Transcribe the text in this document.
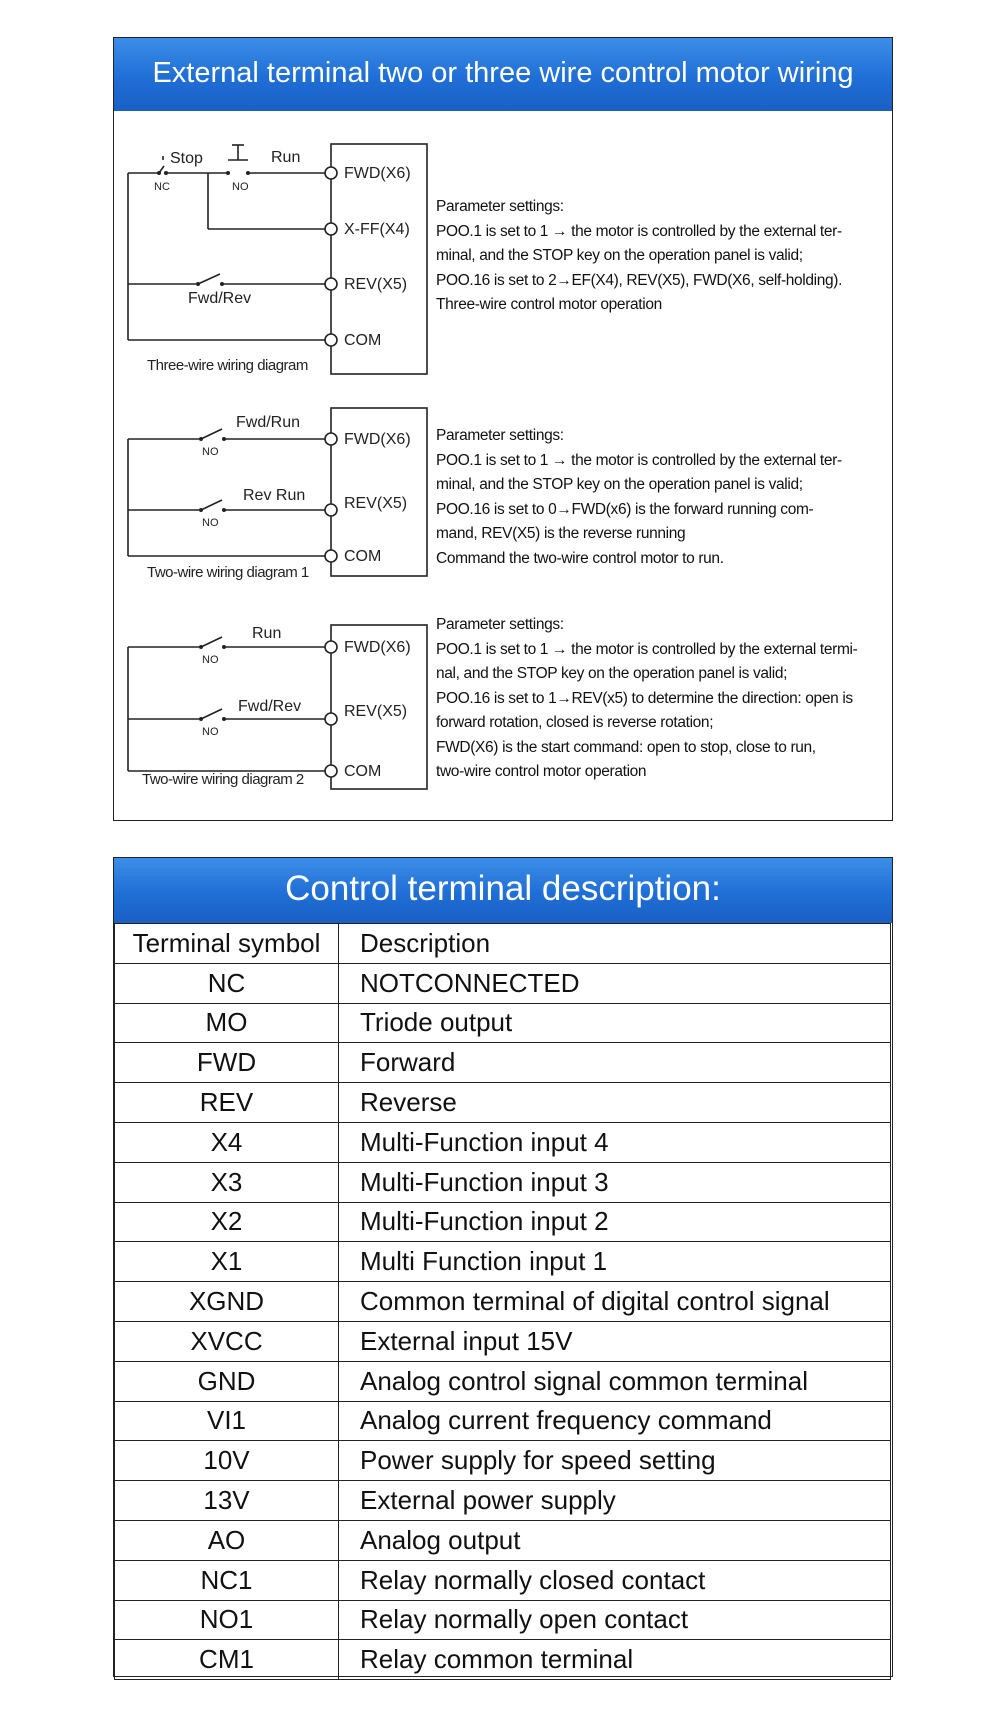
External terminal two or three wire control motor wiring
Stop	Run
Fwd/Rev
NC	NO
FWD(X6)
X-FF(X4)
REV(X5)
COM
Three-wire wiring diagram
Fwd/Run
Rev Run
NO
NO
FWD(X6)
REV(X5)
COM
Two-wire wiring diagram 1
Run
Fwd/Rev
NO
NO
FWD(X6)
REV(X5)
COM
Two-wire wiring diagram 2
Parameter settings:
POO.1 is set to 1 → the motor is controlled by the external ter-
minal, and the STOP key on the operation panel is valid;
POO.16 is set to 2→EF(X4), REV(X5), FWD(X6, self-holding).
Three-wire control motor operation
Parameter settings:
POO.1 is set to 1 → the motor is controlled by the external ter-
minal, and the STOP key on the operation panel is valid;
POO.16 is set to 0→FWD(x6) is the forward running com-
mand, REV(X5) is the reverse running
Command the two-wire control motor to run.
Parameter settings:
POO.1 is set to 1 → the motor is controlled by the external termi-
nal, and the STOP key on the operation panel is valid;
POO.16 is set to 1→REV(x5) to determine the direction: open is
forward rotation, closed is reverse rotation;
FWD(X6) is the start command: open to stop, close to run,
two-wire control motor operation
Control terminal description:
Terminal symbol	Description
NC	NOTCONNECTED
MO	Triode output
FWD	Forward
REV	Reverse
X4	Multi-Function input 4
X3	Multi-Function input 3
X2	Multi-Function input 2
X1	Multi Function input 1
XGND	Common terminal of digital control signal
XVCC	External input 15V
GND	Analog control signal common terminal
VI1	Analog current frequency command
10V	Power supply for speed setting
13V	External power supply
AO	Analog output
NC1	Relay normally closed contact
NO1	Relay normally open contact
CM1	Relay common terminal
